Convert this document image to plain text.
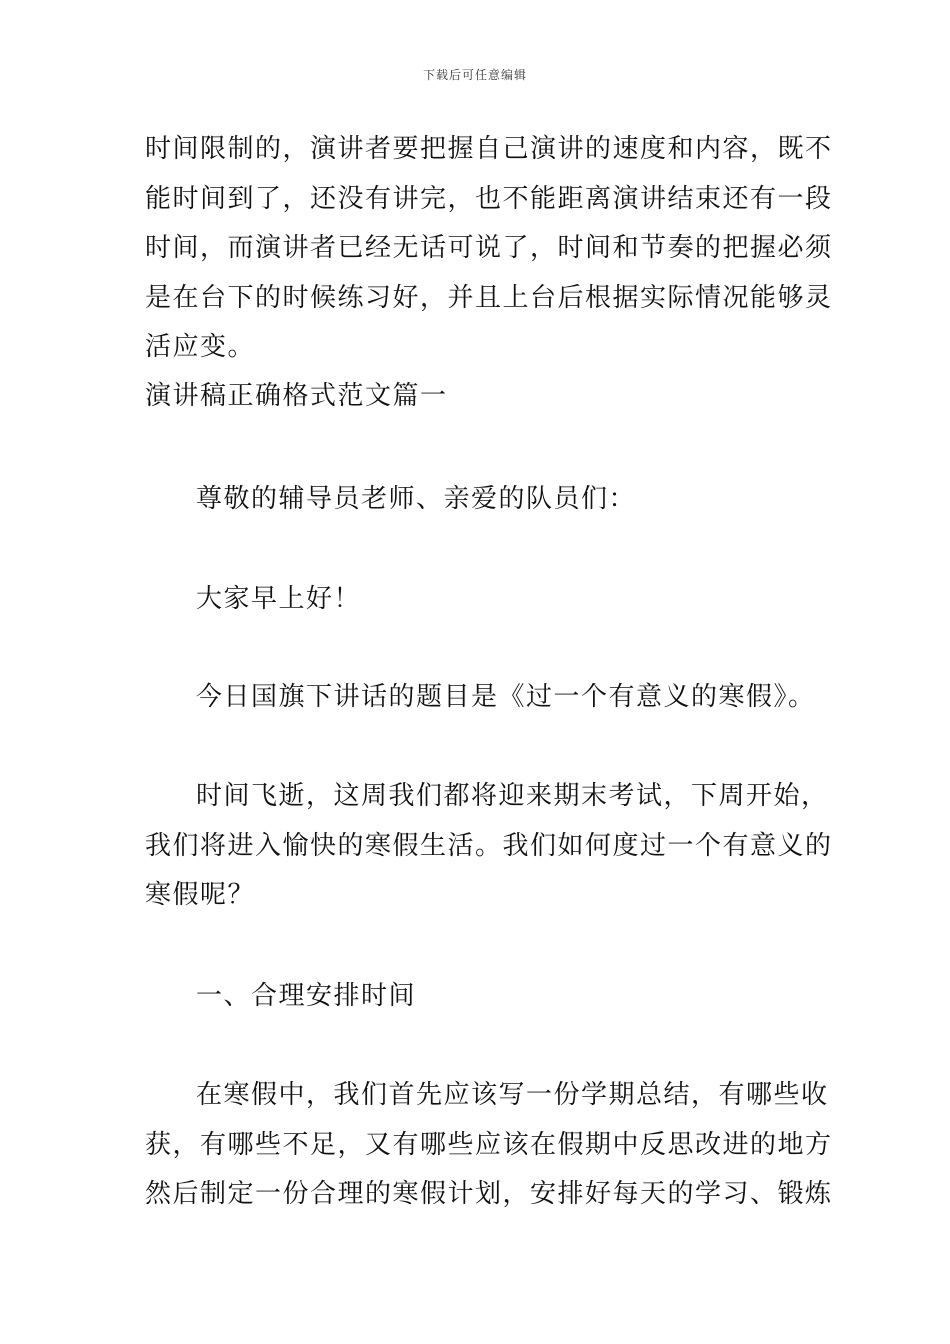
下载后可任意编辑
时间限制的，演讲者要把握自己演讲的速度和内容，既不
能时间到了，还没有讲完，也不能距离演讲结束还有一段
时间，而演讲者已经无话可说了，时间和节奏的把握必须
是在台下的时候练习好，并且上台后根据实际情况能够灵
活应变。
演讲稿正确格式范文篇一
尊敬的辅导员老师、亲爱的队员们：
大家早上好！
今日国旗下讲话的题目是《过一个有意义的寒假》。
时间飞逝，这周我们都将迎来期末考试，下周开始，
我们将进入愉快的寒假生活。我们如何度过一个有意义的
寒假呢？
一、合理安排时间
在寒假中，我们首先应该写一份学期总结，有哪些收
获，有哪些不足，又有哪些应该在假期中反思改进的地方
然后制定一份合理的寒假计划，安排好每天的学习、锻炼
